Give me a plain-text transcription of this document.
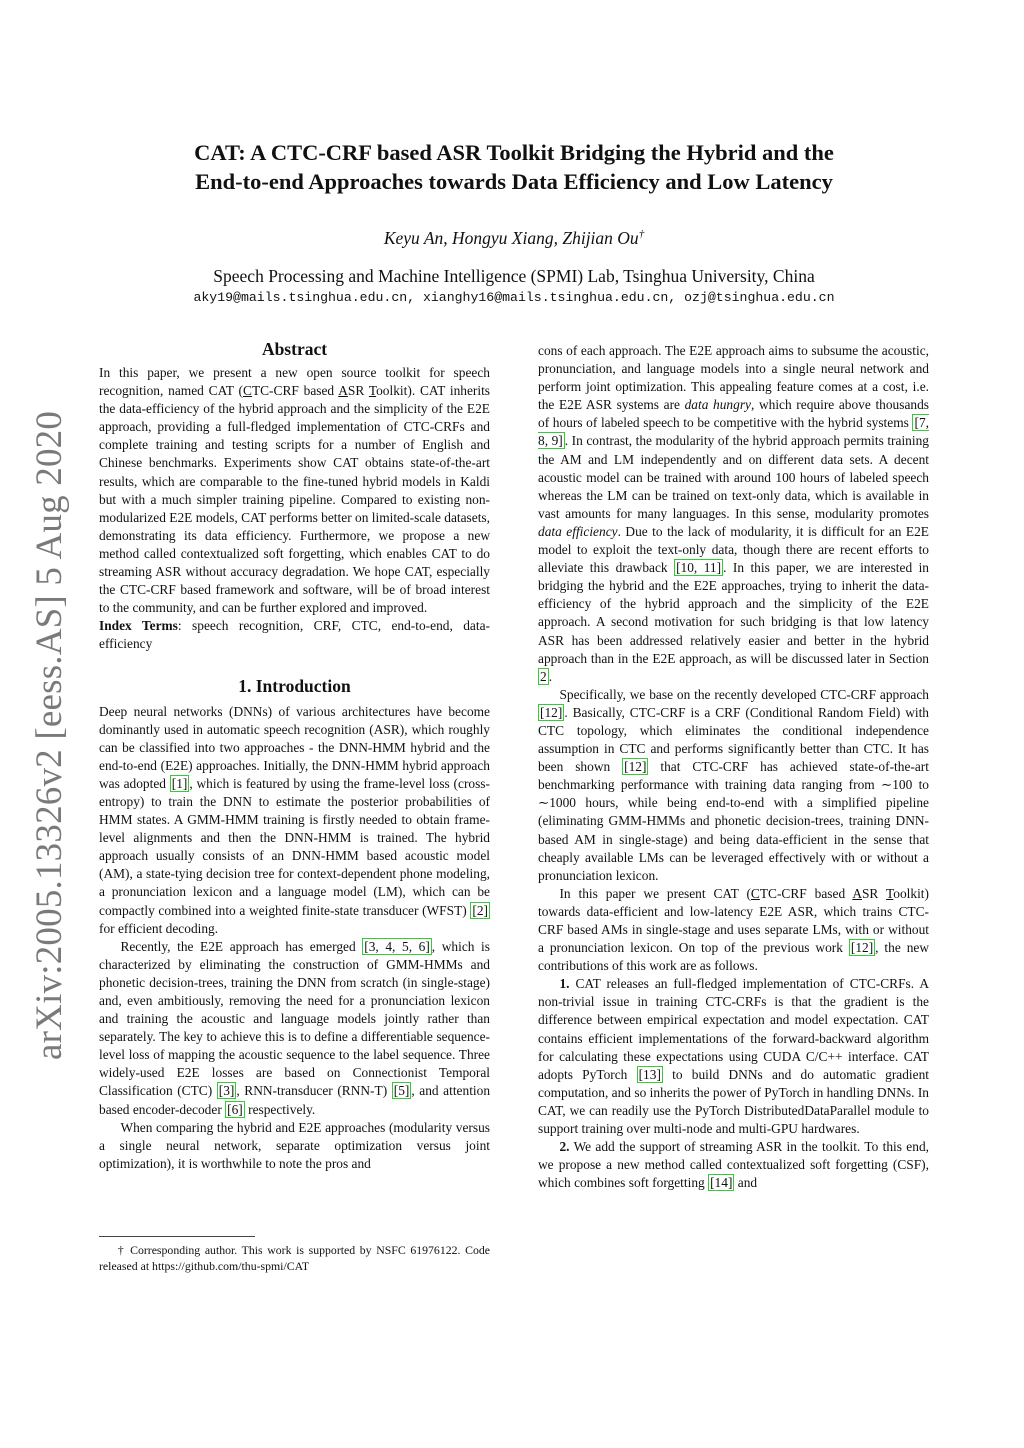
arXiv:2005.13326v2 [eess.AS] 5 Aug 2020
CAT: A CTC-CRF based ASR Toolkit Bridging the Hybrid and the
End-to-end Approaches towards Data Efficiency and Low Latency
Keyu An, Hongyu Xiang, Zhijian Ou†
Speech Processing and Machine Intelligence (SPMI) Lab, Tsinghua University, China
aky19@mails.tsinghua.edu.cn, xianghy16@mails.tsinghua.edu.cn, ozj@tsinghua.edu.cn
Abstract

In this paper, we present a new open source toolkit for speech recognition, named CAT (CTC-CRF based ASR Toolkit). CAT inherits the data-efficiency of the hybrid approach and the simplicity of the E2E approach, providing a full-fledged implementation of CTC-CRFs and complete training and testing scripts for a number of English and Chinese benchmarks. Experiments show CAT obtains state-of-the-art results, which are comparable to the fine-tuned hybrid models in Kaldi but with a much simpler training pipeline. Compared to existing non-modularized E2E models, CAT performs better on limited-scale datasets, demonstrating its data efficiency. Furthermore, we propose a new method called contextualized soft forgetting, which enables CAT to do streaming ASR without accuracy degradation. We hope CAT, especially the CTC-CRF based framework and software, will be of broad interest to the community, and can be further explored and improved.

Index Terms: speech recognition, CRF, CTC, end-to-end, data-efficiency

1. Introduction

Deep neural networks (DNNs) of various architectures have become dominantly used in automatic speech recognition (ASR), which roughly can be classified into two approaches - the DNN-HMM hybrid and the end-to-end (E2E) approaches. Initially, the DNN-HMM hybrid approach was adopted [1] , which is featured by using the frame-level loss (cross-entropy) to train the DNN to estimate the posterior probabilities of HMM states. A GMM-HMM training is firstly needed to obtain frame-level alignments and then the DNN-HMM is trained. The hybrid approach usually consists of an DNN-HMM based acoustic model (AM), a state-tying decision tree for context-dependent phone modeling, a pronunciation lexicon and a language model (LM), which can be compactly combined into a weighted finite-state transducer (WFST) [2] for efficient decoding.

Recently, the E2E approach has emerged [3, 4, 5, 6] , which is characterized by eliminating the construction of GMM-HMMs and phonetic decision-trees, training the DNN from scratch (in single-stage) and, even ambitiously, removing the need for a pronunciation lexicon and training the acoustic and language models jointly rather than separately. The key to achieve this is to define a differentiable sequence-level loss of mapping the acoustic sequence to the label sequence. Three widely-used E2E losses are based on Connectionist Temporal Classification (CTC) [3] , RNN-transducer (RNN-T) [5] , and attention based encoder-decoder [6] respectively.

When comparing the hybrid and E2E approaches (modularity versus a single neural network, separate optimization versus joint optimization), it is worthwhile to note the pros and

† Corresponding author. This work is supported by NSFC 61976122. Code released at https://github.com/thu-spmi/CAT

cons of each approach. The E2E approach aims to subsume the acoustic, pronunciation, and language models into a single neural network and perform joint optimization. This appealing feature comes at a cost, i.e. the E2E ASR systems are data hungry, which require above thousands of hours of labeled speech to be competitive with the hybrid systems [7, 8, 9] . In contrast, the modularity of the hybrid approach permits training the AM and LM independently and on different data sets. A decent acoustic model can be trained with around 100 hours of labeled speech whereas the LM can be trained on text-only data, which is available in vast amounts for many languages. In this sense, modularity promotes data efficiency. Due to the lack of modularity, it is difficult for an E2E model to exploit the text-only data, though there are recent efforts to alleviate this drawback [10, 11] . In this paper, we are interested in bridging the hybrid and the E2E approaches, trying to inherit the data-efficiency of the hybrid approach and the simplicity of the E2E approach. A second motivation for such bridging is that low latency ASR has been addressed relatively easier and better in the hybrid approach than in the E2E approach, as will be discussed later in Section 2 .

Specifically, we base on the recently developed CTC-CRF approach [12] . Basically, CTC-CRF is a CRF (Conditional Random Field) with CTC topology, which eliminates the conditional independence assumption in CTC and performs significantly better than CTC. It has been shown [12] that CTC-CRF has achieved state-of-the-art benchmarking performance with training data ranging from ∼100 to ∼1000 hours, while being end-to-end with a simplified pipeline (eliminating GMM-HMMs and phonetic decision-trees, training DNN-based AM in single-stage) and being data-efficient in the sense that cheaply available LMs can be leveraged effectively with or without a pronunciation lexicon.

In this paper we present CAT (CTC-CRF based ASR Toolkit) towards data-efficient and low-latency E2E ASR, which trains CTC-CRF based AMs in single-stage and uses separate LMs, with or without a pronunciation lexicon. On top of the previous work [12] , the new contributions of this work are as follows.

1. CAT releases an full-fledged implementation of CTC-CRFs. A non-trivial issue in training CTC-CRFs is that the gradient is the difference between empirical expectation and model expectation. CAT contains efficient implementations of the forward-backward algorithm for calculating these expectations using CUDA C/C++ interface. CAT adopts PyTorch [13] to build DNNs and do automatic gradient computation, and so inherits the power of PyTorch in handling DNNs. In CAT, we can readily use the PyTorch DistributedDataParallel module to support training over multi-node and multi-GPU hardwares.

2. We add the support of streaming ASR in the toolkit. To this end, we propose a new method called contextualized soft forgetting (CSF), which combines soft forgetting [14] and
